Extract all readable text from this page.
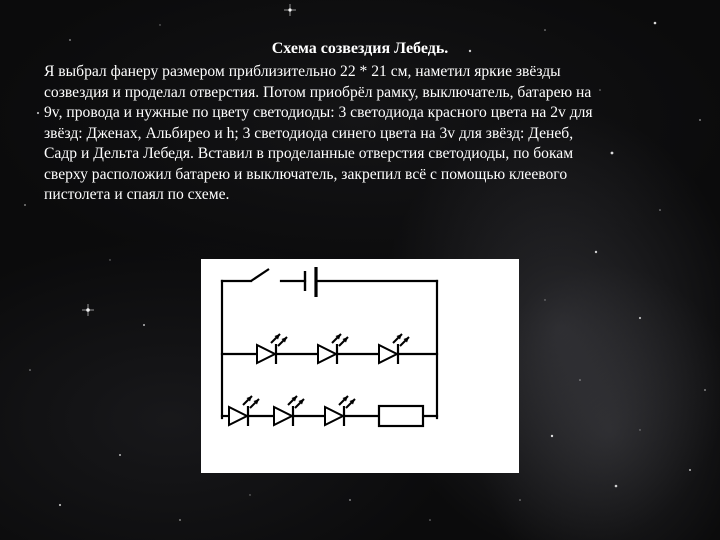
Схема созвездия Лебедь.

Я выбрал фанеру размером приблизительно 22 * 21 см, наметил яркие звёзды созвездия и проделал отверстия. Потом приобрёл рамку, выключатель, батарею на 9v, провода и нужные по цвету светодиоды: 3 светодиода красного цвета на 2v для звёзд: Дженах, Альбирео и h; 3 светодиода синего цвета на 3v для звёзд: Денеб, Садр и Дельта Лебедя. Вставил в проделанные отверстия светодиоды, по бокам сверху расположил батарею и выключатель, закрепил всё с помощью клеевого пистолета и спаял по схеме.
